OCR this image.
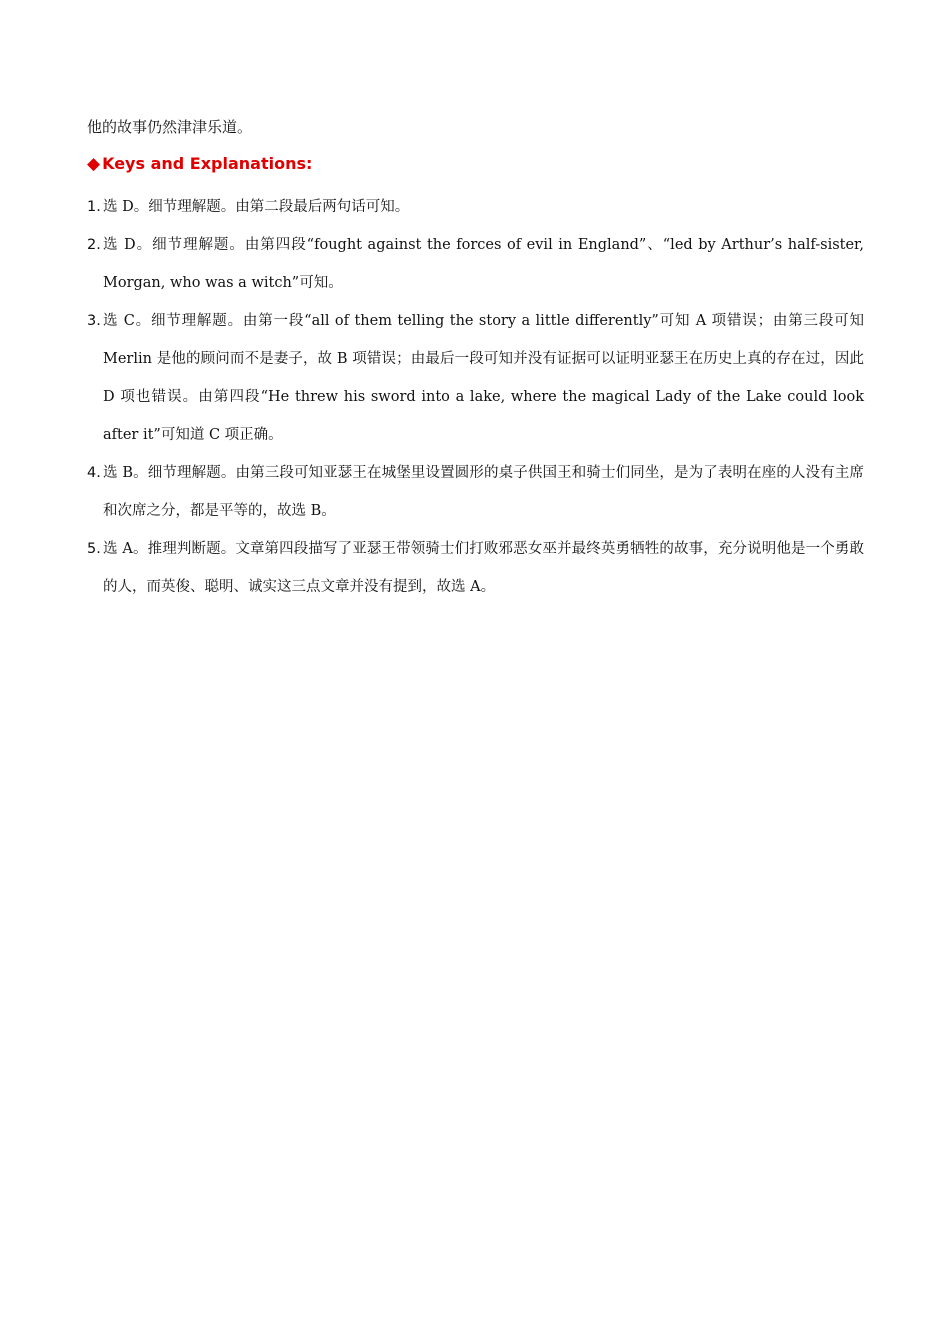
他的故事仍然津津乐道。

◆ Keys and Explanations:
1. 选 D。细节理解题。由第二段最后两句话可知。
2. 选 D。细节理解题。由第四段“fought against the forces of evil in England”、“led by Arthur’s half-sister, Morgan, who was a witch”可知。
3. 选 C。细节理解题。由第一段“all of them telling the story a little differently”可知 A 项错误；由第三段可知 Merlin 是他的顾问而不是妻子，故 B 项错误；由最后一段可知并没有证据可以证明亚瑟王在历史上真的存在过，因此 D 项也错误。由第四段“He threw his sword into a lake, where the magical Lady of the Lake could look after it”可知道 C 项正确。
4. 选 B。细节理解题。由第三段可知亚瑟王在城堡里设置圆形的桌子供国王和骑士们同坐，是为了表明在座的人没有主席和次席之分，都是平等的，故选 B。
5. 选 A。推理判断题。文章第四段描写了亚瑟王带领骑士们打败邪恶女巫并最终英勇牺牲的故事，充分说明他是一个勇敢的人，而英俊、聪明、诚实这三点文章并没有提到，故选 A。
